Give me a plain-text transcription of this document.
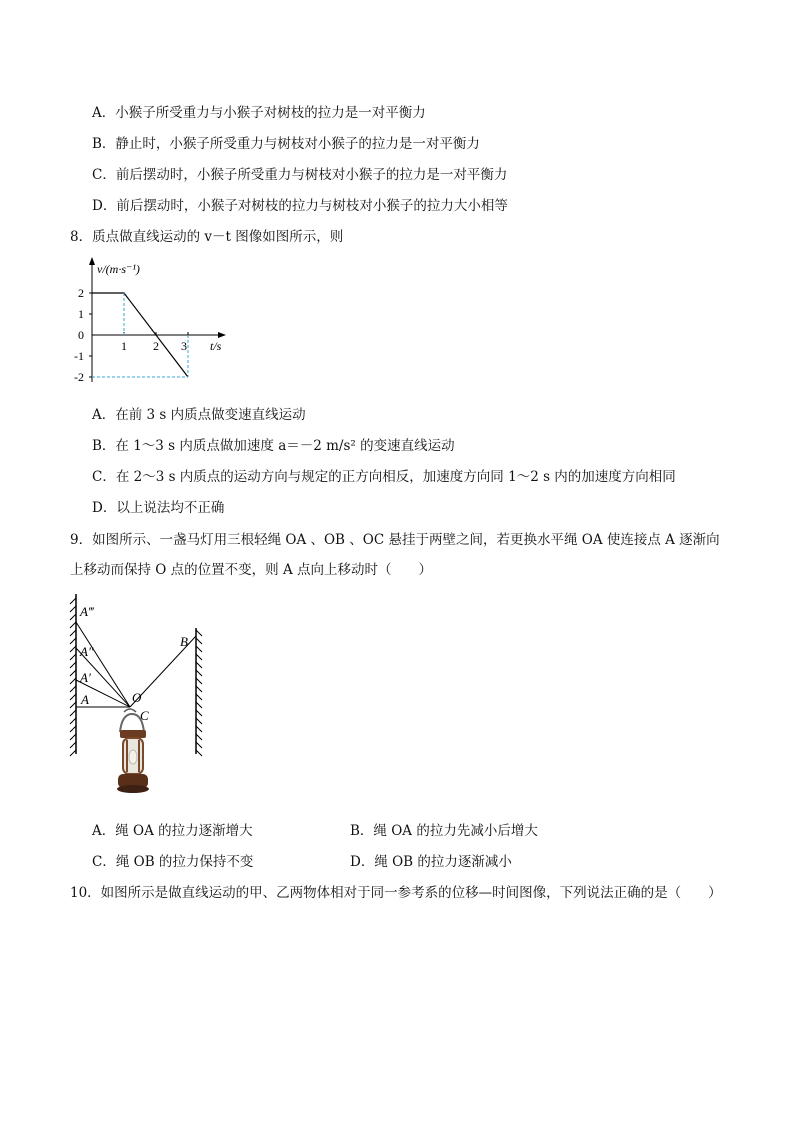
A．小猴子所受重力与小猴子对树枝的拉力是一对平衡力
B．静止时，小猴子所受重力与树枝对小猴子的拉力是一对平衡力
C．前后摆动时，小猴子所受重力与树枝对小猴子的拉力是一对平衡力
D．前后摆动时，小猴子对树枝的拉力与树枝对小猴子的拉力大小相等
8．质点做直线运动的 v－t 图像如图所示，则
v/(m·s⁻¹)
2
1
0
-1
-2
1 2 3 t/s
A．在前 3 s 内质点做变速直线运动
B．在 1～3 s 内质点做加速度 a＝－2 m/s² 的变速直线运动
C．在 2～3 s 内质点的运动方向与规定的正方向相反，加速度方向同 1～2 s 内的加速度方向相同
D．以上说法均不正确
9．如图所示、一盏马灯用三根轻绳 OA 、OB 、OC 悬挂于两壁之间，若更换水平绳 OA 使连接点 A 逐渐向
上移动而保持 O 点的位置不变，则 A 点向上移动时（　　）
A‴
A″
A′
A
B
O
C
A．绳 OA 的拉力逐渐增大	B．绳 OA 的拉力先减小后增大
C．绳 OB 的拉力保持不变	D．绳 OB 的拉力逐渐减小
10．如图所示是做直线运动的甲、乙两物体相对于同一参考系的位移—时间图像，下列说法正确的是（　　）
